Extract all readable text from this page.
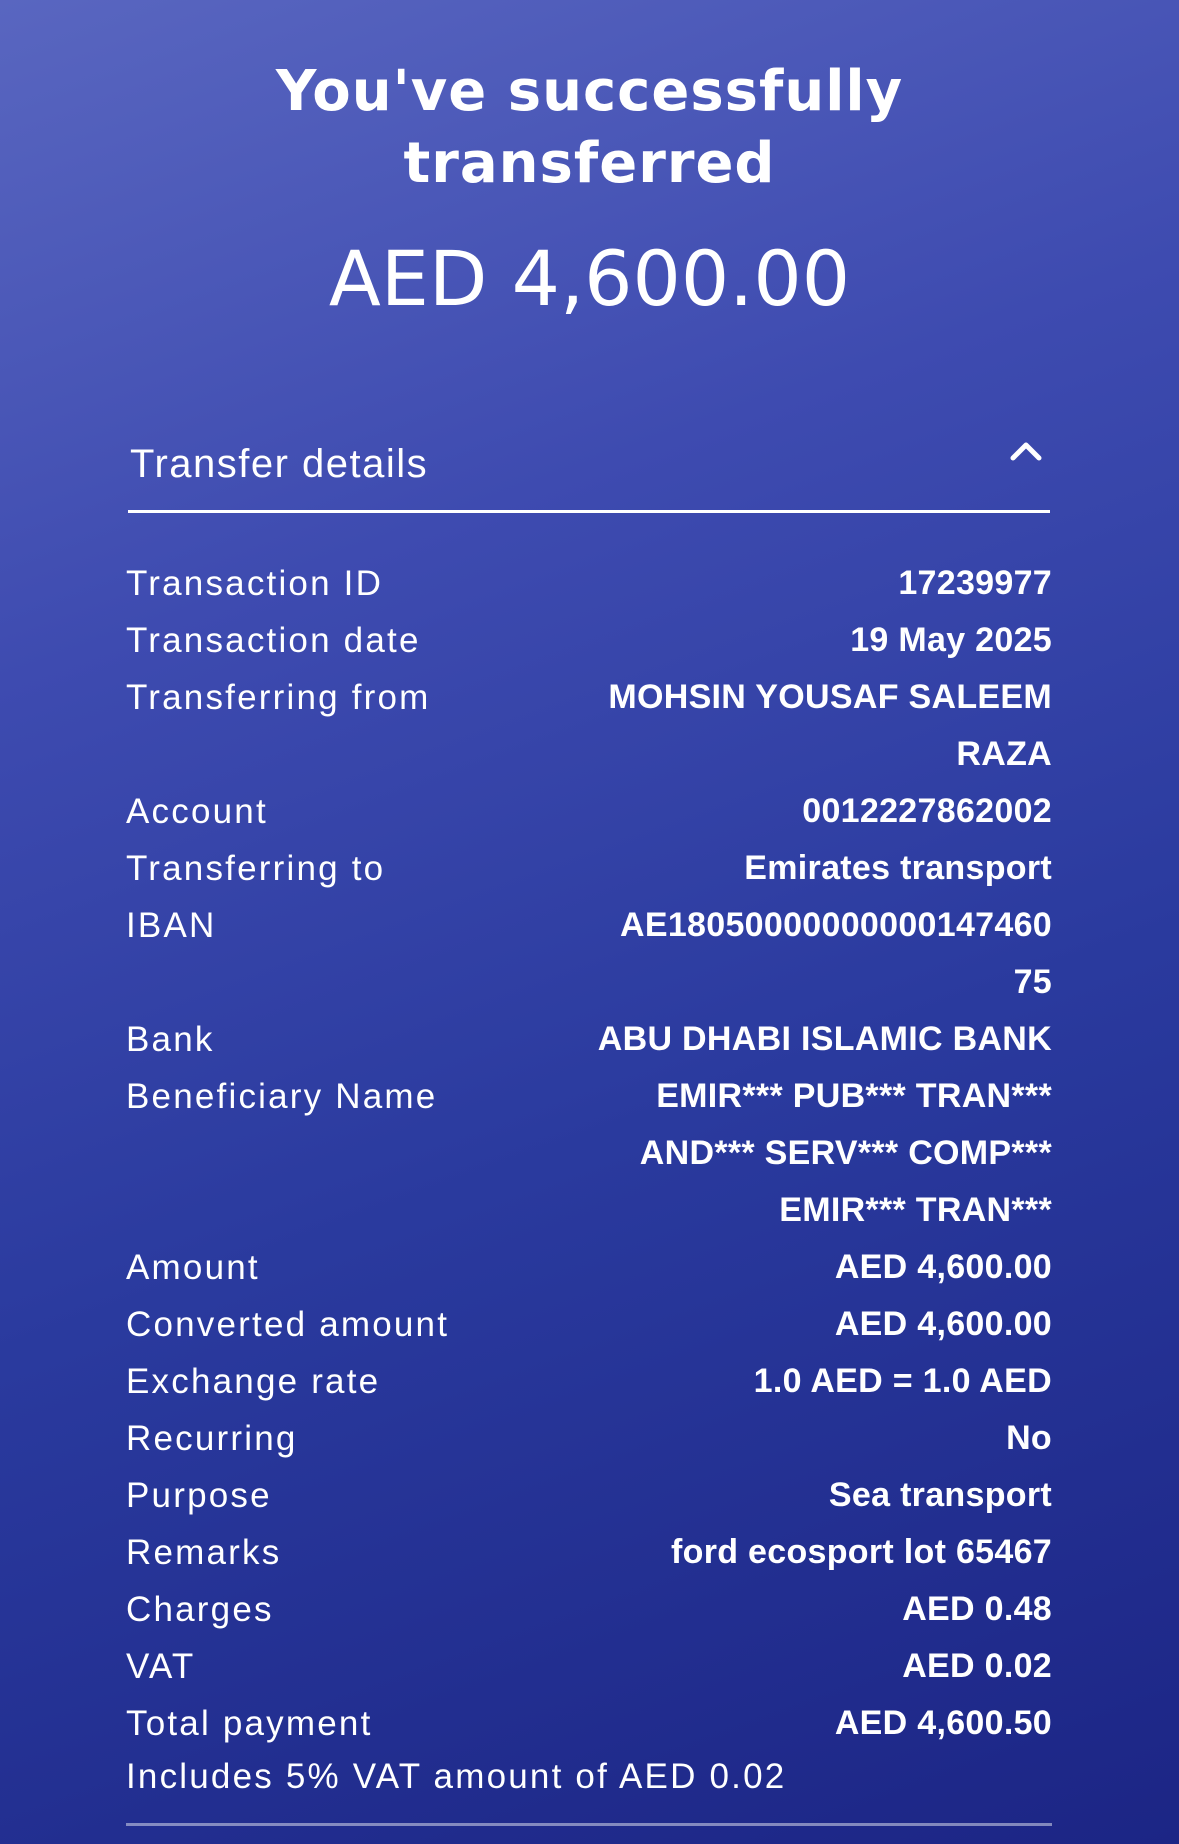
You've successfully
transferred
AED 4,600.00
Transfer details
Transaction ID	17239977
Transaction date	19 May 2025
Transferring from	MOHSIN YOUSAF SALEEM
RAZA
Account	0012227862002
Transferring to	Emirates transport
IBAN	AE18050000000000147460
75
Bank	ABU DHABI ISLAMIC BANK
Beneficiary Name	EMIR*** PUB*** TRAN***
AND*** SERV*** COMP***
EMIR*** TRAN***
Amount	AED 4,600.00
Converted amount	AED 4,600.00
Exchange rate	1.0 AED = 1.0 AED
Recurring	No
Purpose	Sea transport
Remarks	ford ecosport lot 65467
Charges	AED 0.48
VAT	AED 0.02
Total payment	AED 4,600.50
Includes 5% VAT amount of AED 0.02
